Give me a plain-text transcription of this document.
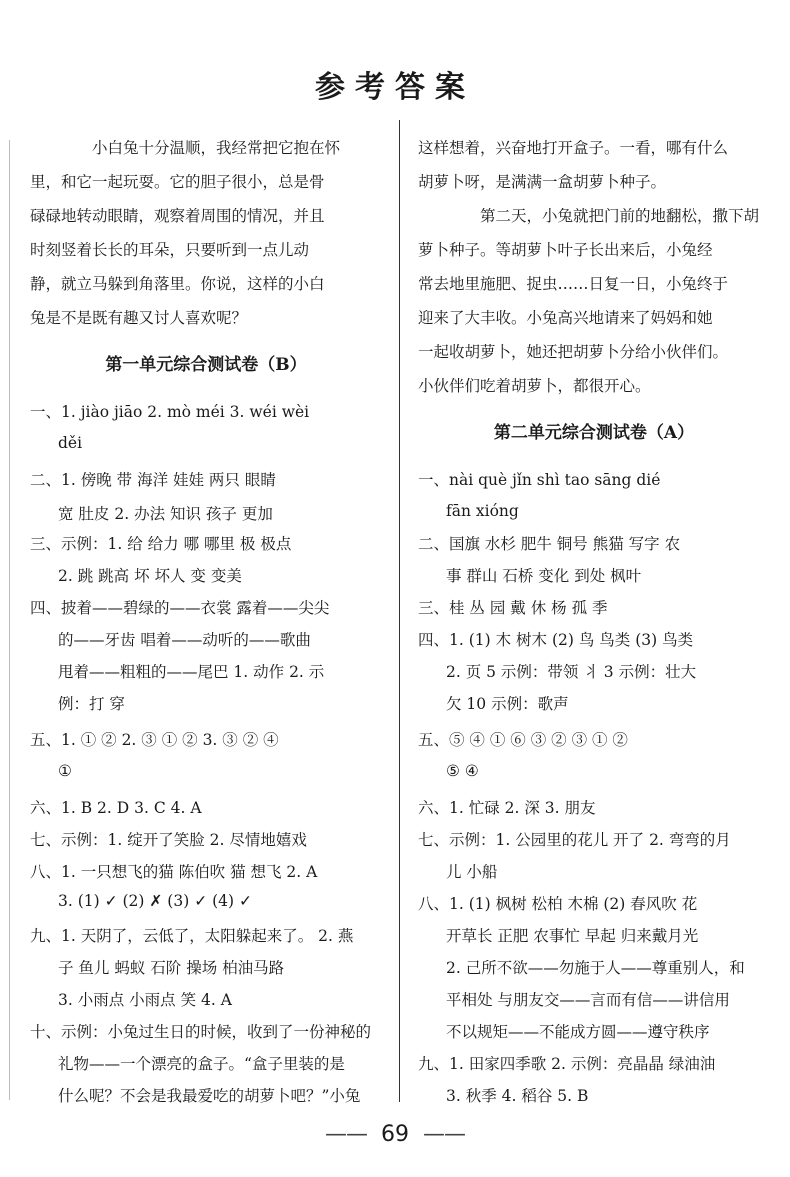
参考答案
小白兔十分温顺，我经常把它抱在怀
里，和它一起玩耍。它的胆子很小，总是骨
碌碌地转动眼睛，观察着周围的情况，并且
时刻竖着长长的耳朵，只要听到一点儿动
静，就立马躲到角落里。你说，这样的小白
兔是不是既有趣又讨人喜欢呢？
第一单元综合测试卷（B）
一、1. jiào jiāo 2. mò méi 3. wéi wèi
děi
二、1. 傍晚 带 海洋 娃娃 两只 眼睛
宽 肚皮 2. 办法 知识 孩子 更加
三、示例：1. 给 给力 哪 哪里 极 极点
2. 跳 跳高 坏 坏人 变 变美
四、披着——碧绿的——衣裳 露着——尖尖
的——牙齿 唱着——动听的——歌曲
甩着——粗粗的——尾巴 1. 动作 2. 示
例：打 穿
五、1. ① ② 2. ③ ① ② 3. ③ ② ④
①
六、1. B 2. D 3. C 4. A
七、示例：1. 绽开了笑脸 2. 尽情地嬉戏
八、1. 一只想飞的猫 陈伯吹 猫 想飞 2. A
3. (1) ✓ (2) ✗ (3) ✓ (4) ✓
九、1. 天阴了，云低了，太阳躲起来了。 2. 燕
子 鱼儿 蚂蚁 石阶 操场 柏油马路
3. 小雨点 小雨点 笑 4. A
十、示例：小兔过生日的时候，收到了一份神秘的
礼物——一个漂亮的盒子。“盒子里装的是
什么呢？不会是我最爱吃的胡萝卜吧？”小兔
这样想着，兴奋地打开盒子。一看，哪有什么
胡萝卜呀，是满满一盒胡萝卜种子。
第二天，小兔就把门前的地翻松，撒下胡
萝卜种子。等胡萝卜叶子长出来后，小兔经
常去地里施肥、捉虫……日复一日，小兔终于
迎来了大丰收。小兔高兴地请来了妈妈和她
一起收胡萝卜，她还把胡萝卜分给小伙伴们。
小伙伴们吃着胡萝卜，都很开心。
第二单元综合测试卷（A）
一、nài què jǐn shì tao sāng dié
fān xióng
二、国旗 水杉 肥牛 铜号 熊猫 写字 农
事 群山 石桥 变化 到处 枫叶
三、桂 丛 园 戴 休 杨 孤 季
四、1. (1) 木 树木 (2) 鸟 鸟类 (3) 鸟类
2. 页 5 示例：带领 丬 3 示例：壮大
欠 10 示例：歌声
五、⑤ ④ ① ⑥ ③ ② ③ ① ②
⑤ ④
六、1. 忙碌 2. 深 3. 朋友
七、示例：1. 公园里的花儿 开了 2. 弯弯的月
儿 小船
八、1. (1) 枫树 松柏 木棉 (2) 春风吹 花
开草长 正肥 农事忙 早起 归来戴月光
2. 己所不欲——勿施于人——尊重别人，和
平相处 与朋友交——言而有信——讲信用
不以规矩——不能成方圆——遵守秩序
九、1. 田家四季歌 2. 示例：亮晶晶 绿油油
3. 秋季 4. 稻谷 5. B
—— 69 ——
